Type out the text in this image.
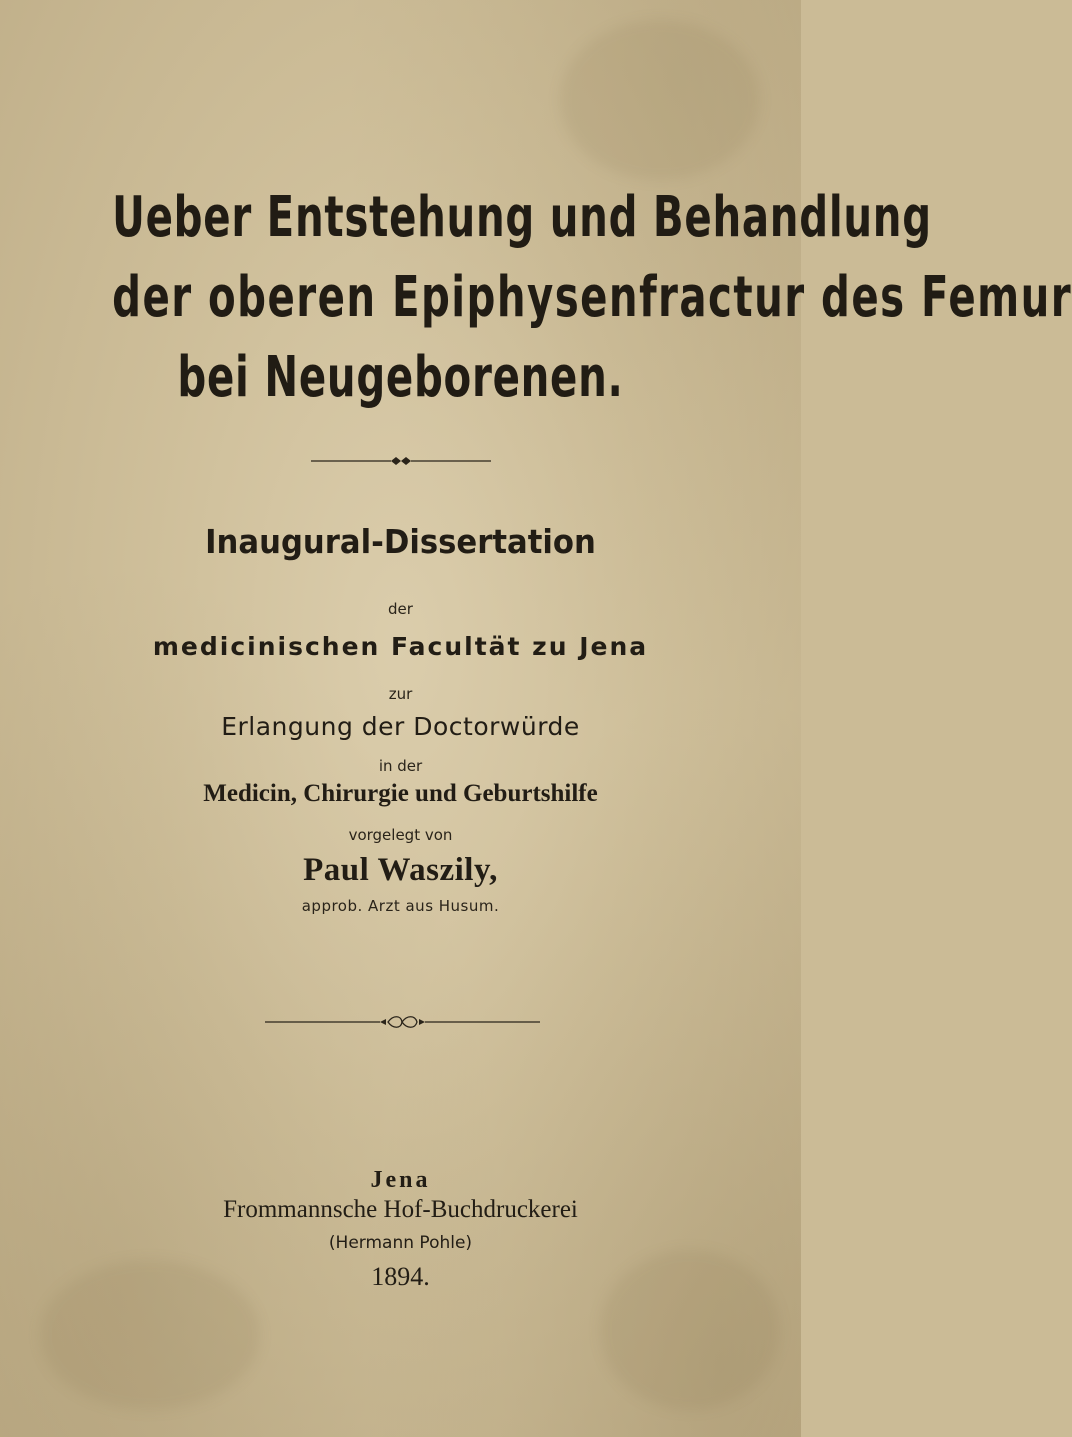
Ueber Entstehung und Behandlung
der oberen Epiphysenfractur des Femur
bei Neugeborenen.
Inaugural-Dissertation
der
medicinischen Facultät zu Jena
zur
Erlangung der Doctorwürde
in der
Medicin, Chirurgie und Geburtshilfe
vorgelegt von
Paul Waszily,
approb. Arzt aus Husum.
Jena
Frommannsche Hof-Buchdruckerei
(Hermann Pohle)
1894.
